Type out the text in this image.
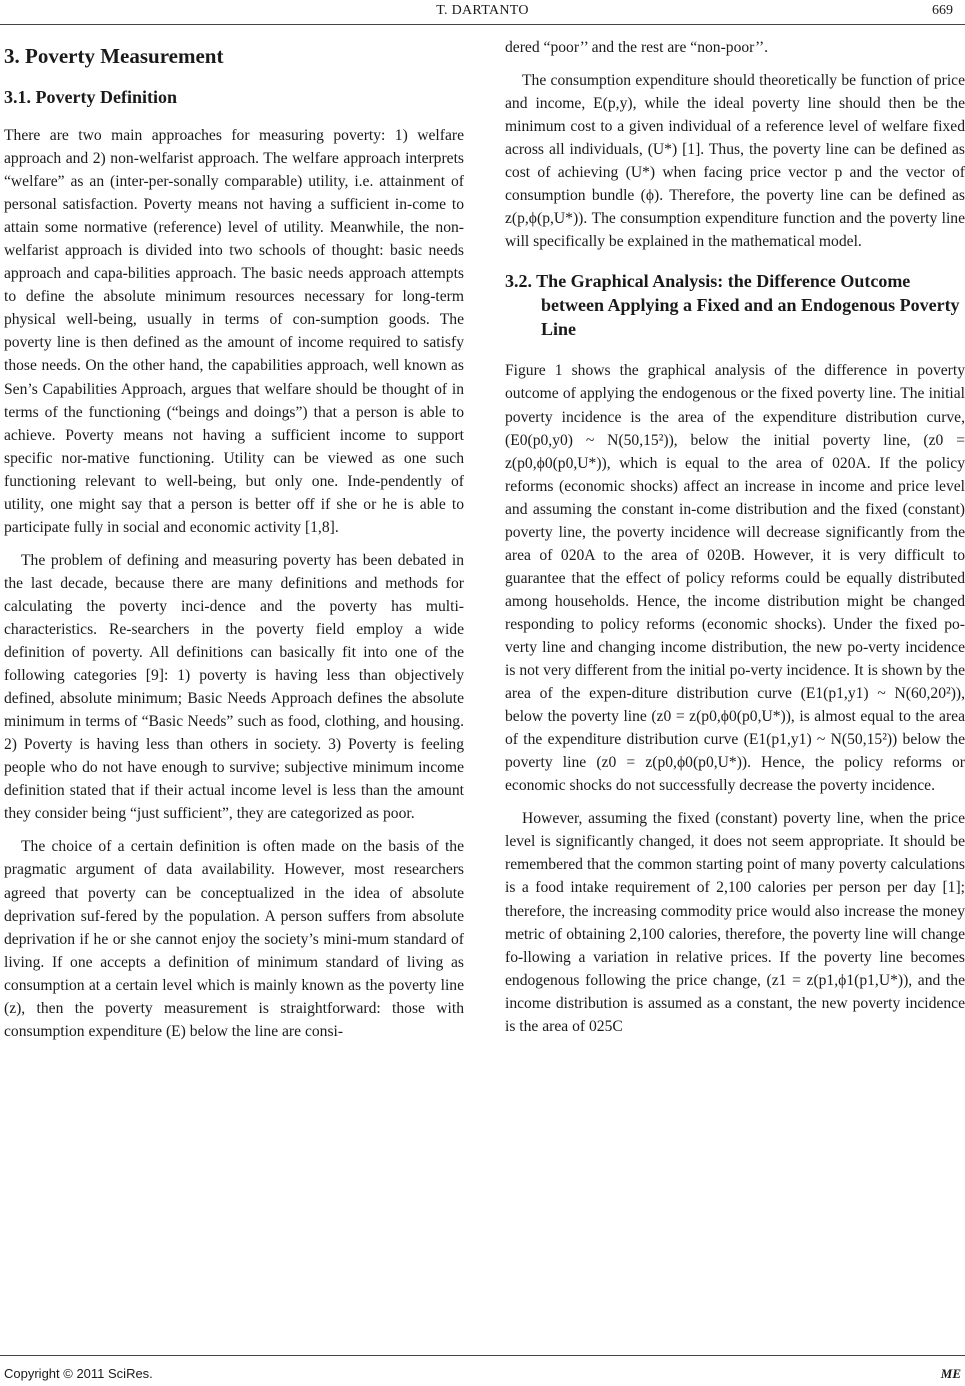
T. DARTANTO	669
3. Poverty Measurement
3.1. Poverty Definition

There are two main approaches for measuring poverty: 1) welfare approach and 2) non-welfarist approach. The welfare approach interprets “welfare” as an (inter-per-sonally comparable) utility, i.e. attainment of personal satisfaction. Poverty means not having a sufficient in-come to attain some normative (reference) level of utility. Meanwhile, the non-welfarist approach is divided into two schools of thought: basic needs approach and capa-bilities approach. The basic needs approach attempts to define the absolute minimum resources necessary for long-term physical well-being, usually in terms of con-sumption goods. The poverty line is then defined as the amount of income required to satisfy those needs. On the other hand, the capabilities approach, well known as Sen’s Capabilities Approach, argues that welfare should be thought of in terms of the functioning (“beings and doings”) that a person is able to achieve. Poverty means not having a sufficient income to support specific nor-mative functioning. Utility can be viewed as one such functioning relevant to well-being, but only one. Inde-pendently of utility, one might say that a person is better off if she or he is able to participate fully in social and economic activity [1,8].

The problem of defining and measuring poverty has been debated in the last decade, because there are many definitions and methods for calculating the poverty inci-dence and the poverty has multi-characteristics. Re-searchers in the poverty field employ a wide definition of poverty. All definitions can basically fit into one of the following categories [9]: 1) poverty is having less than objectively defined, absolute minimum; Basic Needs Approach defines the absolute minimum in terms of “Basic Needs” such as food, clothing, and housing. 2) Poverty is having less than others in society. 3) Poverty is feeling people who do not have enough to survive; subjective minimum income definition stated that if their actual income level is less than the amount they consider being “just sufficient”, they are categorized as poor.

The choice of a certain definition is often made on the basis of the pragmatic argument of data availability. However, most researchers agreed that poverty can be conceptualized in the idea of absolute deprivation suf-fered by the population. A person suffers from absolute deprivation if he or she cannot enjoy the society’s mini-mum standard of living. If one accepts a definition of minimum standard of living as consumption at a certain level which is mainly known as the poverty line (z), then the poverty measurement is straightforward: those with consumption expenditure (E) below the line are consi-

dered “poor’’ and the rest are “non-poor’’.

The consumption expenditure should theoretically be function of price and income, E(p,y), while the ideal poverty line should then be the minimum cost to a given individual of a reference level of welfare fixed across all individuals, (U*) [1]. Thus, the poverty line can be defined as cost of achieving (U*) when facing price vector p and the vector of consumption bundle (ϕ). Therefore, the poverty line can be defined as z(p,ϕ(p,U*)). The consumption expenditure function and the poverty line will specifically be explained in the mathematical model.

3.2. The Graphical Analysis: the Difference Outcome between Applying a Fixed and an Endogenous Poverty Line

Figure 1 shows the graphical analysis of the difference in poverty outcome of applying the endogenous or the fixed poverty line. The initial poverty incidence is the area of the expenditure distribution curve, (E0(p0,y0) ~ N(50,15²)), below the initial poverty line, (z0 = z(p0,ϕ0(p0,U*)), which is equal to the area of 020A. If the policy reforms (economic shocks) affect an increase in income and price level and assuming the constant in-come distribution and the fixed (constant) poverty line, the poverty incidence will decrease significantly from the area of 020A to the area of 020B. However, it is very difficult to guarantee that the effect of policy reforms could be equally distributed among households. Hence, the income distribution might be changed responding to policy reforms (economic shocks). Under the fixed po-verty line and changing income distribution, the new po-verty incidence is not very different from the initial po-verty incidence. It is shown by the area of the expen-diture distribution curve (E1(p1,y1) ~ N(60,20²)), below the poverty line (z0 = z(p0,ϕ0(p0,U*)), is almost equal to the area of the expenditure distribution curve (E1(p1,y1) ~ N(50,15²)) below the poverty line (z0 = z(p0,ϕ0(p0,U*)). Hence, the policy reforms or economic shocks do not successfully decrease the poverty incidence.

However, assuming the fixed (constant) poverty line, when the price level is significantly changed, it does not seem appropriate. It should be remembered that the common starting point of many poverty calculations is a food intake requirement of 2,100 calories per person per day [1]; therefore, the increasing commodity price would also increase the money metric of obtaining 2,100 calories, therefore, the poverty line will change fo-llowing a variation in relative prices. If the poverty line becomes endogenous following the price change, (z1 = z(p1,ϕ1(p1,U*)), and the income distribution is assumed as a constant, the new poverty incidence is the area of 025C

Copyright © 2011 SciRes.	ME
